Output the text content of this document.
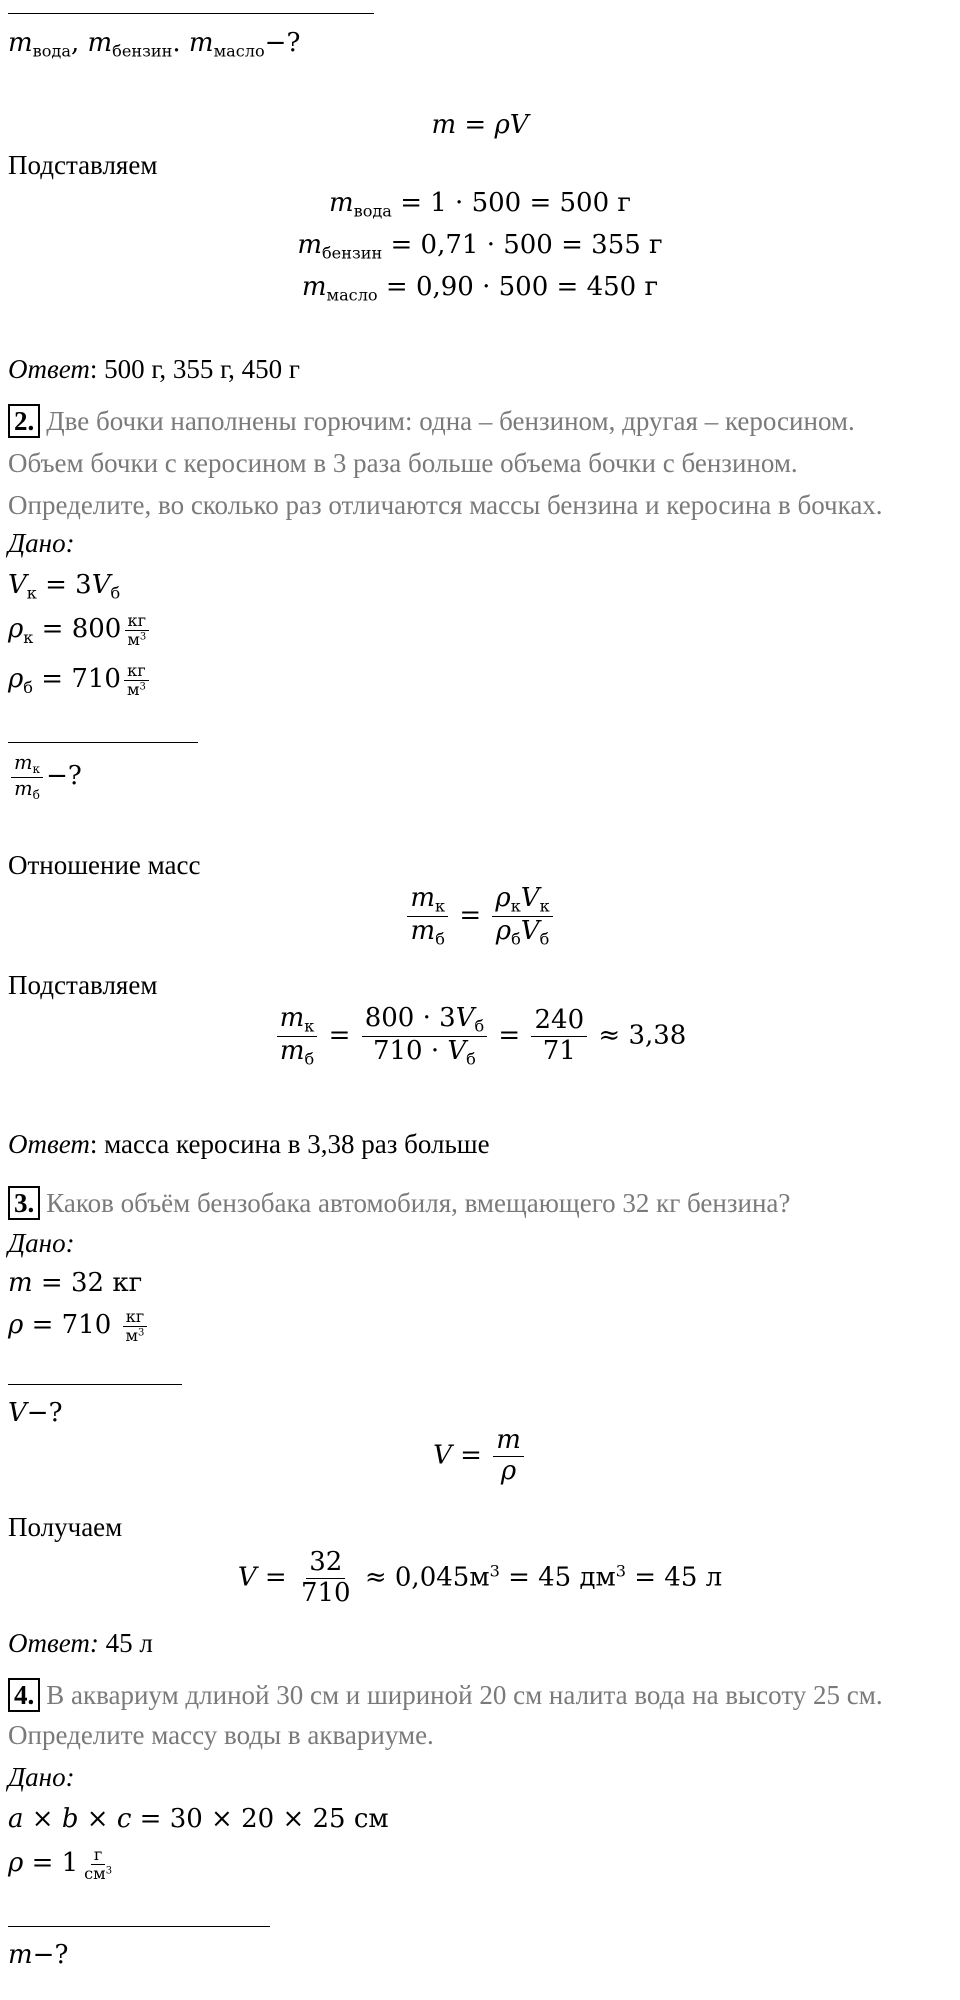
$m_{вода}$, $m_{бензин}$. $m_{масло}-$?
m = ρV
Подставляем
$m_{вода} = 1 \cdot 500 = 500$ г
$m_{бензин} = 0,71 \cdot 500 = 355$ г
$m_{масло} = 0,90 \cdot 500 = 450$ г
Ответ: 500 г, 355 г, 450 г
2. Две бочки наполнены горючим: одна – бензином, другая – керосином.
Объем бочки с керосином в 3 раза больше объема бочки с бензином.
Определите, во сколько раз отличаются массы бензина и керосина в бочках.
Дано:
$V_к = 3V_б$
$\rho_к = 800 \frac{кг}{м^3}$
$\rho_б = 710 \frac{кг}{м^3}$
$\frac{m_к}{m_б}$ −?
Отношение масс
$\frac{m_к}{m_б} = \frac{\rho_кV_к}{\rho_бV_б}$
Подставляем
$\frac{m_к}{m_б} = \frac{800 \cdot 3V_б}{710 \cdot V_б} = \frac{240}{71} \approx 3,38$
Ответ: масса керосина в 3,38 раз больше
3. Каков объём бензобака автомобиля, вмещающего 32 кг бензина?
Дано:
m = 32 кг
$\rho = 710 \frac{кг}{м^3}$
V−?
$V = \frac{m}{\rho}$
Получаем
$V = \frac{32}{710} \approx 0,045м^3 = 45$ $дм^3 = 45$ л
Ответ: 45 л
4. В аквариум длиной 30 см и шириной 20 см налита вода на высоту 25 см.
Определите массу воды в аквариуме.
Дано:
a × b × c = 30 × 20 × 25 см
$\rho = 1 \frac{г}{см^3}$
m−?
